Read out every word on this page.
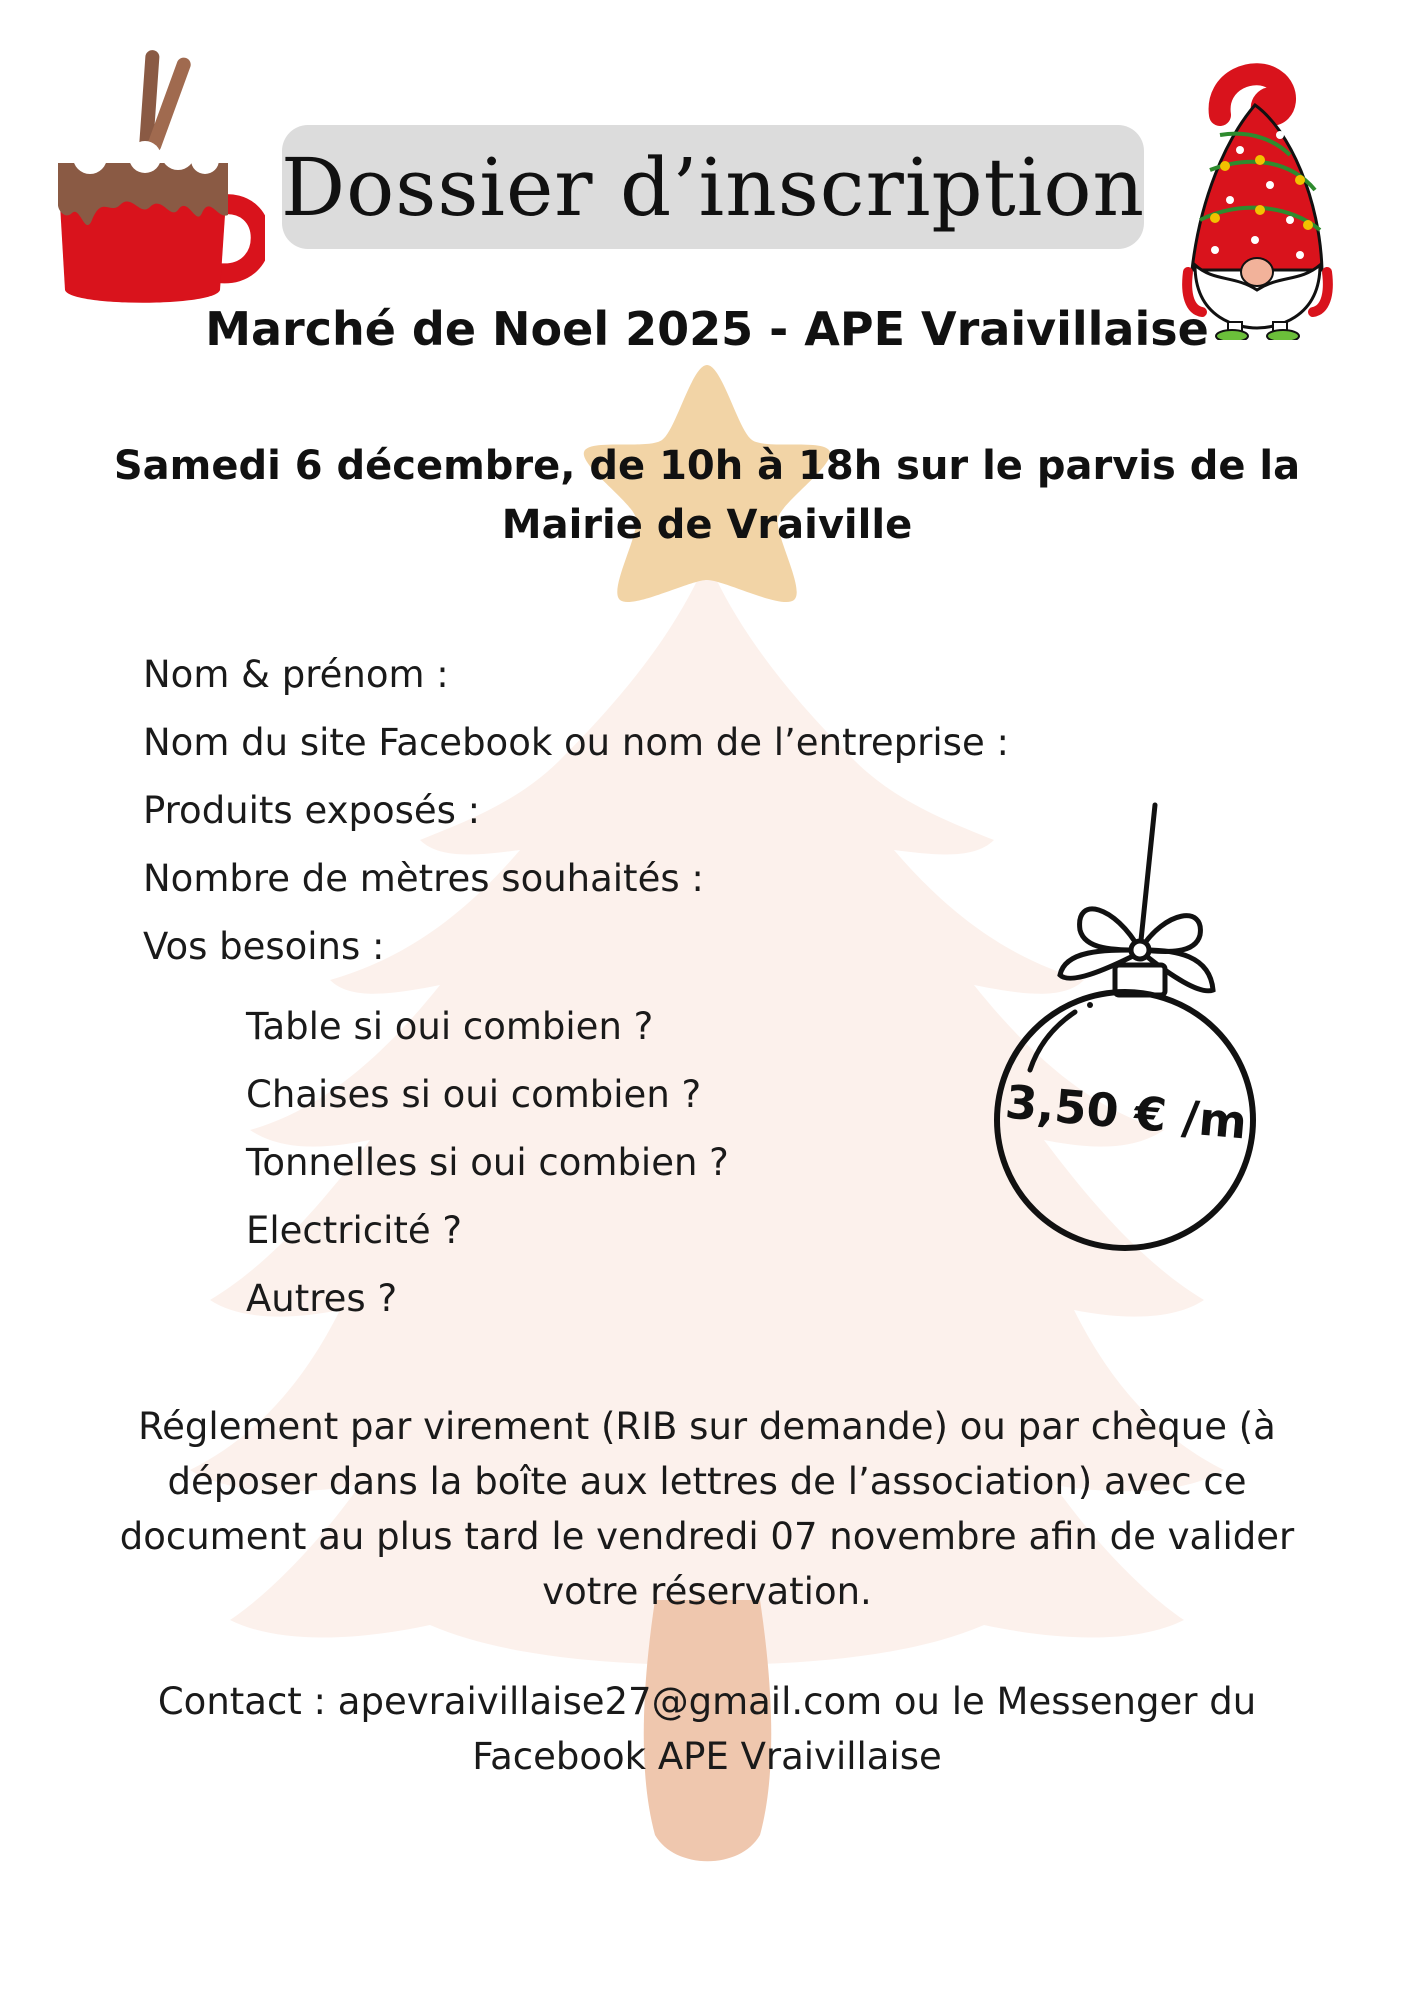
Dossier d’inscription
Marché de Noel 2025 - APE Vraivillaise
Samedi 6 décembre, de 10h à 18h sur le parvis de la
Mairie de Vraiville
Nom & prénom :
Nom du site Facebook ou nom de l’entreprise :
Produits exposés :
Nombre de mètres souhaités :
Vos besoins :
Table si oui combien ?
Chaises si oui combien ?
Tonnelles si oui combien ?
Electricité ?
Autres ?
3,50 € /m
Réglement par virement (RIB sur demande) ou par chèque (à
déposer dans la boîte aux lettres de l’association) avec ce
document au plus tard le vendredi 07 novembre afin de valider
votre réservation.
Contact : apevraivillaise27@gmail.com ou le Messenger du
Facebook APE Vraivillaise
